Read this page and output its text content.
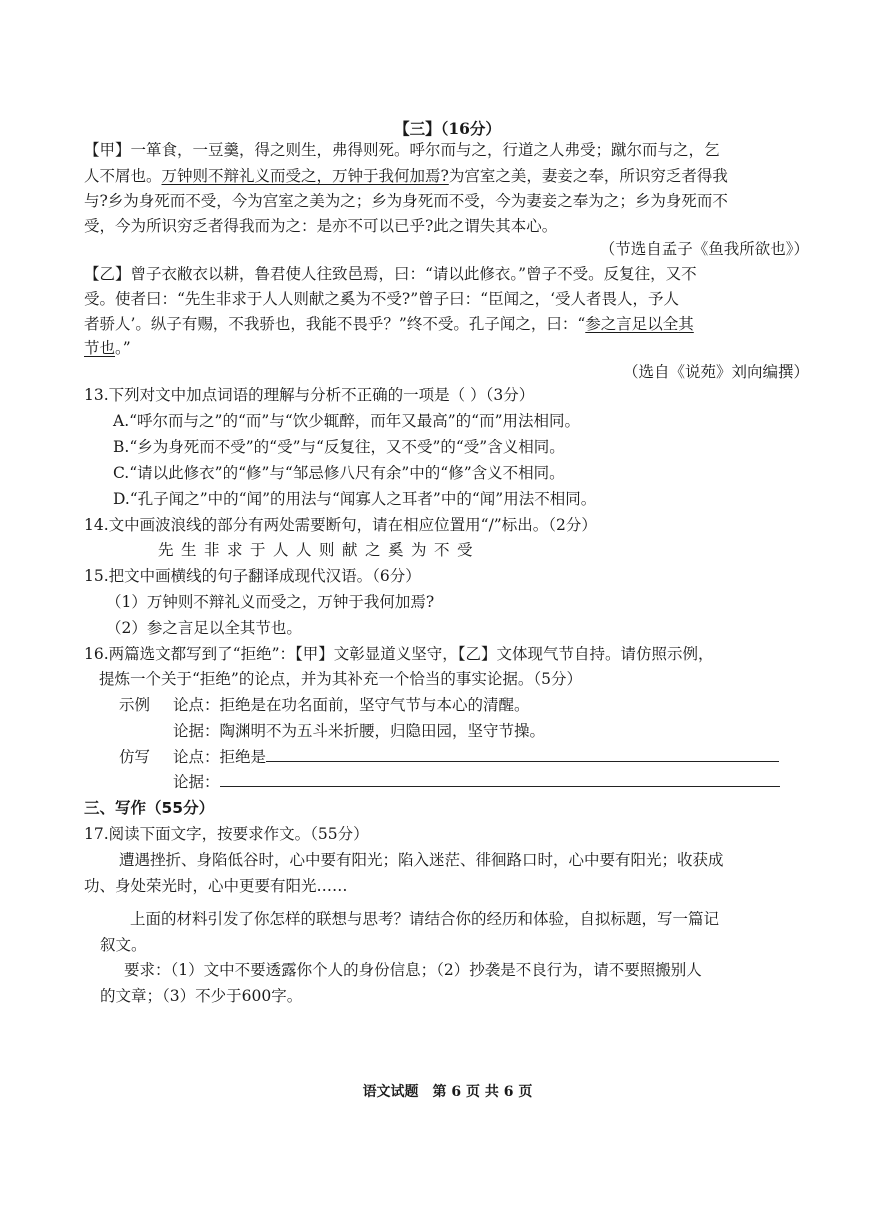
【三】（16分）
【甲】一箪食，一豆羹，得之则生，弗得则死。呼尔而与之，行道之人弗受；蹴尔而与之，乞
人不屑也。万钟则不辩礼义而受之，万钟于我何加焉?为宫室之美，妻妾之奉，所识穷乏者得我
与?乡为身死而不受，今为宫室之美为之；乡为身死而不受，今为妻妾之奉为之；乡为身死而不
受，今为所识穷乏者得我而为之：是亦不可以已乎?此之谓失其本心。
（节选自孟子《鱼我所欲也》）
【乙】曾子衣敝衣以耕，鲁君使人往致邑焉，曰：“请以此修衣。”曾子不受。反复往，又不
受。使者曰：“先生非求于人人则献之奚为不受?”曾子曰：“臣闻之，‘受人者畏人，予人
者骄人’。纵子有赐，不我骄也，我能不畏乎？”终不受。孔子闻之，曰：“参之言足以全其
节也。”
（选自《说苑》刘向编撰）
13.下列对文中加点词语的理解与分析不正确的一项是（ ）（3分）
A.“呼尔而与之”的“而”与“饮少辄醉，而年又最高”的“而”用法相同。
B.“乡为身死而不受”的“受”与“反复往，又不受”的“受”含义相同。
C.“请以此修衣”的“修”与“邹忌修八尺有余”中的“修”含义不相同。
D.“孔子闻之”中的“闻”的用法与“闻寡人之耳者”中的“闻”用法不相同。
14.文中画波浪线的部分有两处需要断句，请在相应位置用“/”标出。（2分）
先生非求于人人则献之奚为不受
15.把文中画横线的句子翻译成现代汉语。（6分）
（1）万钟则不辩礼义而受之，万钟于我何加焉?
（2）参之言足以全其节也。
16.两篇选文都写到了“拒绝”：【甲】文彰显道义坚守，【乙】文体现气节自持。请仿照示例，
提炼一个关于“拒绝”的论点，并为其补充一个恰当的事实论据。（5分）
示例 论点：拒绝是在功名面前，坚守气节与本心的清醒。
论据：陶渊明不为五斗米折腰，归隐田园，坚守节操。
仿写 论点：拒绝是
论据：
三、写作（55分）
17.阅读下面文字，按要求作文。（55分）
遭遇挫折、身陷低谷时，心中要有阳光；陷入迷茫、徘徊路口时，心中要有阳光；收获成
功、身处荣光时，心中更要有阳光……
上面的材料引发了你怎样的联想与思考？请结合你的经历和体验，自拟标题，写一篇记
叙文。
要求：（1）文中不要透露你个人的身份信息；（2）抄袭是不良行为，请不要照搬别人
的文章；（3）不少于600字。
语文试题　第 6 页 共 6 页
